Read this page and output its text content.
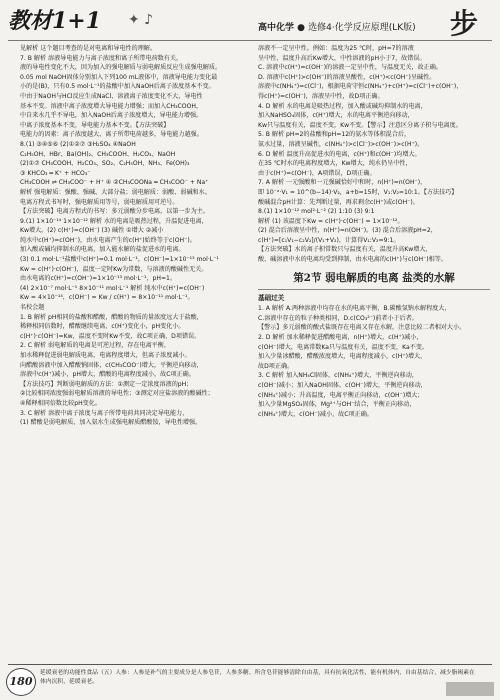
教材1+1 ✦ ♪	高中化学 ● 选修4·化学反应原理(LK版) 步
见解析 这个题目考查的是对电离和导电性的理解。
7. B 解析 溶液导电能力与离子浓度和离子所带电荷数有关，
液的导电性变化不大，因为加入的强电解质与弱电解质反应生成强电解质。
0.05 mol NaOH固体分别加入下列100 mL液体中，溶液导电能力变化最
小的是(B)，只有0.5 mol·L⁻¹的盐酸中加入NaOH后离子浓度基本不变。
中由于NaOH与HCl反应生成NaCl，溶液离子浓度变化不大，导电性
基本不变。溶液中离子浓度增大导电能力增强；而加入CH₃COOH，
中自来水几乎不导电，加入NaOH后离子浓度增大，导电能力增强。
中离子浓度基本不变，导电能力基本不变。【方法突破】
电能力的因素：离子浓度越大、离子所带电荷越多，导电能力越强。
8.(1) ③④⑤⑥ (2)①②⑦ ③H₂SO₄ ④NaOH
C₂H₅OH、HBr、Ba(OH)₂、CH₃COOH、H₂CO₃、NaOH
(2)①⑦ CH₃COOH、H₂CO₃、SO₂、C₂H₅OH、NH₃、Fe(OH)₃
③ KHCO₃ ═ K⁺ + HCO₃⁻
CH₃COOH ⇌ CH₃COO⁻ + H⁺ ④ ②CH₃COONa ═ CH₃COO⁻ + Na⁺
解析 强电解质：强酸、强碱、大部分盐；弱电解质：弱酸、弱碱和水。
电离方程式书写时，强电解质用等号，弱电解质用可逆号。
【方法突破】电离方程式的书写：多元弱酸分步电离，以第一步为主。
9.(1) 1×10⁻¹⁴ 1×10⁻¹² 解析 水的电离是吸热过程，升温促进电离，
Kw增大。(2) c(H⁺)=c(OH⁻) (3) 碱性 ①增大 ②减小
纯水中c(H⁺)=c(OH⁻)，由水电离产生的c(H⁺)始终等于c(OH⁻)。
加入酸或碱均抑制水的电离，加入能水解的盐促进水的电离。
(3) 0.1 mol·L⁻¹盐酸中c(H⁺)=0.1 mol·L⁻¹，c(OH⁻)=1×10⁻¹³ mol·L⁻¹
Kw = c(H⁺)·c(OH⁻)，温度一定时Kw为常数，与溶液的酸碱性无关。
由水电离的c(H⁺)=c(OH⁻)=1×10⁻¹³ mol·L⁻¹，pH=1。
(4) 2×10⁻⁷ mol·L⁻¹ 8×10⁻¹¹ mol·L⁻¹ 解析 纯水中c(H⁺)=c(OH⁻)
Kw = 4×10⁻¹⁴，c(OH⁻) = Kw / c(H⁺) = 8×10⁻¹¹ mol·L⁻¹。
名校会题
1. B 解析 pH相同的盐酸和醋酸，醋酸的物质的量浓度远大于盐酸，
稀释相同倍数时，醋酸继续电离，c(H⁺)变化小，pH变化小。
c(H⁺)·c(OH⁻)=Kw，温度不变时Kw不变，故C项正确，D项错误。
2. C 解析 弱电解质的电离是可逆过程，存在电离平衡，
加水稀释促进弱电解质电离，电离程度增大，但离子浓度减小。
向醋酸溶液中加入醋酸钠固体，c(CH₃COO⁻)增大，平衡逆向移动，
溶液中c(H⁺)减小，pH增大，醋酸的电离程度减小，故C项正确。
【方法技巧】判断弱电解质的方法：①测定一定浓度溶液的pH；
②比较相同浓度强弱电解质溶液的导电性；③测定对应盐溶液的酸碱性；
④稀释相同倍数比较pH变化。
3. C 解析 溶液中离子浓度与离子所带电荷共同决定导电能力，
(1) 醋酸是弱电解质，加入氨水生成强电解质醋酸铵，导电性增强。
溶液不一定呈中性。例如：温度为25 ℃时，pH=7的溶液
呈中性，温度升高后Kw增大，中性溶液的pH小于7，故错误。
C. 溶液中c(H⁺)=c(OH⁻)的溶液一定呈中性，与温度无关，故正确。
D. 溶液中c(H⁺)>c(OH⁻)的溶液呈酸性，c(H⁺)<c(OH⁻)呈碱性。
溶液中c(NH₄⁺)=c(Cl⁻)，根据电荷守恒c(NH₄⁺)+c(H⁺)=c(Cl⁻)+c(OH⁻)，
得c(H⁺)=c(OH⁻)，溶液呈中性，故D项正确。
4. D 解析 水的电离是吸热过程，加入酸或碱均抑制水的电离，
加入NaHSO₄固体，c(H⁺)增大，水的电离平衡逆向移动，
Kw只与温度有关，温度不变，Kw不变。【警示】注意区分离子积与电离度。
5. B 解析 pH=2的盐酸和pH=12的氨水等体积混合后，
氨水过量，溶液呈碱性，c(NH₄⁺)>c(Cl⁻)>c(OH⁻)>c(H⁺)。
6. D 解析 温度升高促进水的电离，c(H⁺)和c(OH⁻)均增大。
在35 ℃时水的电离程度增大，Kw增大，纯水仍呈中性，
由于c(H⁺)=c(OH⁻)，A项错误，D项正确。
7. A 解析 一元强酸和一元强碱恰好中和时，n(H⁺)=n(OH⁻)，
即 10⁻ᵃ·V₁ = 10^(b−14)·V₂，a+b=15时，V₁:V₂=10:1。【方法技巧】
酸碱混合pH计算：先判断过量，再求剩余c(H⁺)或c(OH⁻)。
8.(1) 1×10⁻¹² mol²·L⁻² (2) 1:10 (3) 9:1
解析 (1) 该温度下Kw = c(H⁺)·c(OH⁻) = 1×10⁻¹²。
(2) 混合后溶液呈中性，n(H⁺)=n(OH⁻)。(3) 混合后溶液pH=2，
c(H⁺)=[c₁V₁−c₂V₂]/(V₁+V₂)，计算得V₁:V₂=9:1。
【方法突破】水的离子积常数只与温度有关，温度升高Kw增大，
酸、碱溶液中水的电离均受到抑制，由水电离的c(H⁺)与c(OH⁻)相等。
第2节 弱电解质的电离 盐类的水解
基础过关
1. A 解析 A.两种溶液中均存在水的电离平衡，B.碳酸氢钠水解程度大，
C.溶液中存在的粒子种类相同，D.c(CO₃²⁻)前者小于后者。
【警示】多元弱酸的酸式盐既存在电离又存在水解，注意比较二者相对大小。
2. D 解析 加水稀释促进醋酸电离，n(H⁺)增大，c(H⁺)减小，
c(OH⁻)增大，电离常数Ka只与温度有关，温度不变，Ka不变。
加入少量冰醋酸，醋酸浓度增大，电离程度减小，c(H⁺)增大，
故D项正确。
3. C 解析 加入NH₄Cl固体，c(NH₄⁺)增大，平衡逆向移动，
c(OH⁻)减小；加入NaOH固体，c(OH⁻)增大，平衡逆向移动，
c(NH₄⁺)减小；升高温度，电离平衡正向移动，c(OH⁻)增大；
加入少量MgSO₄固体，Mg²⁺与OH⁻结合，平衡正向移动，
c(NH₄⁺)增大，c(OH⁻)减小，故C项正确。
180
延缓衰老的功能性食品（五）人参：人参是补气的主要成分是人参皂苷，人参多糖、所含皂苷能够清除自由基，具有抗氧化活性，能有机体内，自由基结合，减少脂褐素在体内沉积，延缓衰老。
